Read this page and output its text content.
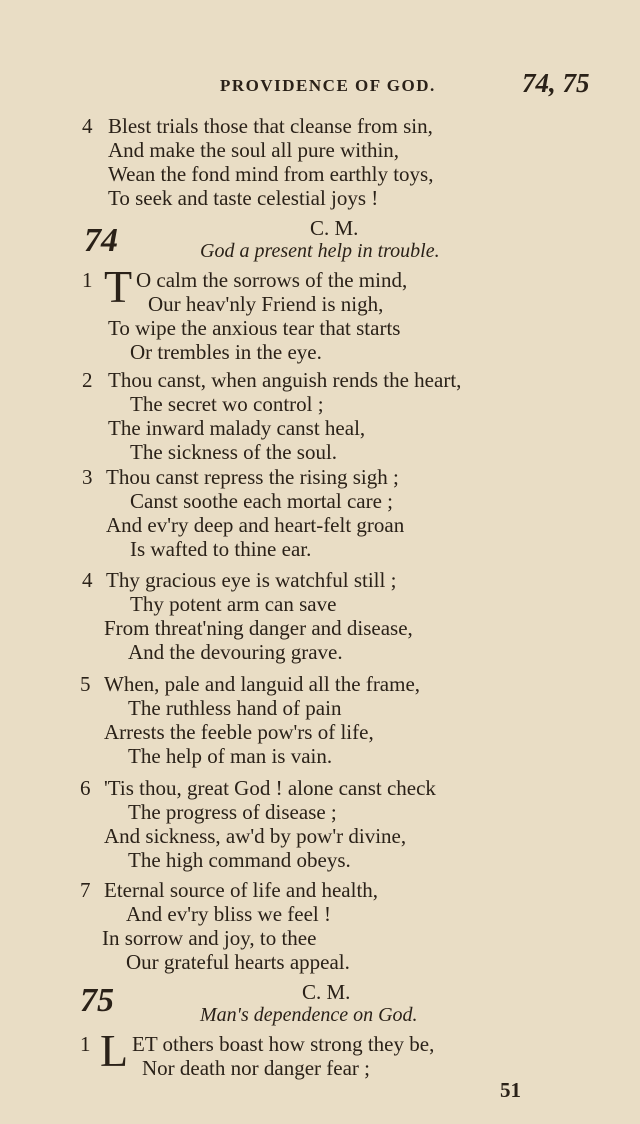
PROVIDENCE OF GOD.	74, 75
4 Blest trials those that cleanse from sin,
And make the soul all pure within,
Wean the fond mind from earthly toys,
To seek and taste celestial joys !
74	C. M.
God a present help in trouble.
1 T O calm the sorrows of the mind,
Our heav'nly Friend is nigh,
To wipe the anxious tear that starts
Or trembles in the eye.
2 Thou canst, when anguish rends the heart,
The secret wo control ;
The inward malady canst heal,
The sickness of the soul.
3 Thou canst repress the rising sigh ;
Canst soothe each mortal care ;
And ev'ry deep and heart-felt groan
Is wafted to thine ear.
4 Thy gracious eye is watchful still ;
Thy potent arm can save
From threat'ning danger and disease,
And the devouring grave.
5 When, pale and languid all the frame,
The ruthless hand of pain
Arrests the feeble pow'rs of life,
The help of man is vain.
6 'Tis thou, great God ! alone canst check
The progress of disease ;
And sickness, aw'd by pow'r divine,
The high command obeys.
7 Eternal source of life and health,
And ev'ry bliss we feel !
In sorrow and joy, to thee
Our grateful hearts appeal.
75	C. M.
Man's dependence on God.
1 L ET others boast how strong they be,
Nor death nor danger fear ;
51
